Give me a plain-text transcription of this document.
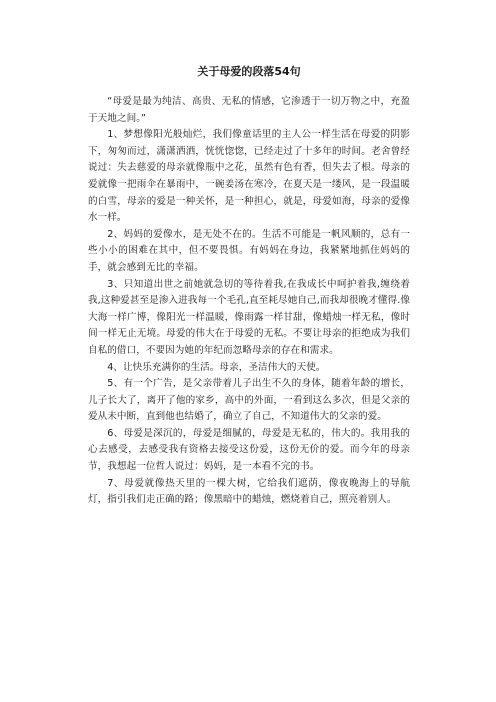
关于母爱的段落54句

“母爱是最为纯洁、高贵、无私的情感，它渗透于一切万物之中，充盈于天地之间。”

1、梦想像阳光般灿烂，我们像童话里的主人公一样生活在母爱的阴影下，匆匆而过，潇潇洒洒，恍恍惚惚，已经走过了十多年的时间。老舍曾经说过：失去慈爱的母亲就像瓶中之花，虽然有色有香，但失去了根。母亲的爱就像一把雨伞在暴雨中，一碗姜汤在寒冷，在夏天是一缕风，是一段温暖的白雪，母亲的爱是一种关怀，是一种担心，就是，母爱如海，母亲的爱像水一样。

2、妈妈的爱像水，是无处不在的。生活不可能是一帆风顺的，总有一些小小的困难在其中，但不要畏惧。有妈妈在身边，我紧紧地抓住妈妈的手，就会感到无比的幸福。

3、只知道出世之前她就急切的等待着我,在我成长中呵护着我,缠绕着我,这种爱甚至是渗入进我每一个毛孔,直至耗尽她自己,而我却很晚才懂得.像大海一样广博，像阳光一样温暖，像雨露一样甘甜，像蜡烛一样无私，像时间一样无止无境。母爱的伟大在于母爱的无私。不要让母亲的拒绝成为我们自私的借口，不要因为她的年纪而忽略母亲的存在和需求。

4、让快乐充满你的生活。母亲，圣洁伟大的天使。

5、有一个广告，是父亲带着儿子出生不久的身体，随着年龄的增长，儿子长大了，离开了他的家乡，高中的外面，一看到这么多次，但是父亲的爱从未中断，直到他也结婚了，确立了自己，不知道伟大的父亲的爱。

6、母爱是深沉的，母爱是细腻的，母爱是无私的，伟大的。我用我的心去感受，去感受我有资格去接受这份爱，这份无价的爱。而今年的母亲节，我想起一位哲人说过：妈妈，是一本看不完的书。

7、母爱就像热天里的一棵大树，它给我们遮荫，像夜晚海上的导航灯，指引我们走正确的路；像黑暗中的蜡烛，燃烧着自己，照亮着别人。
